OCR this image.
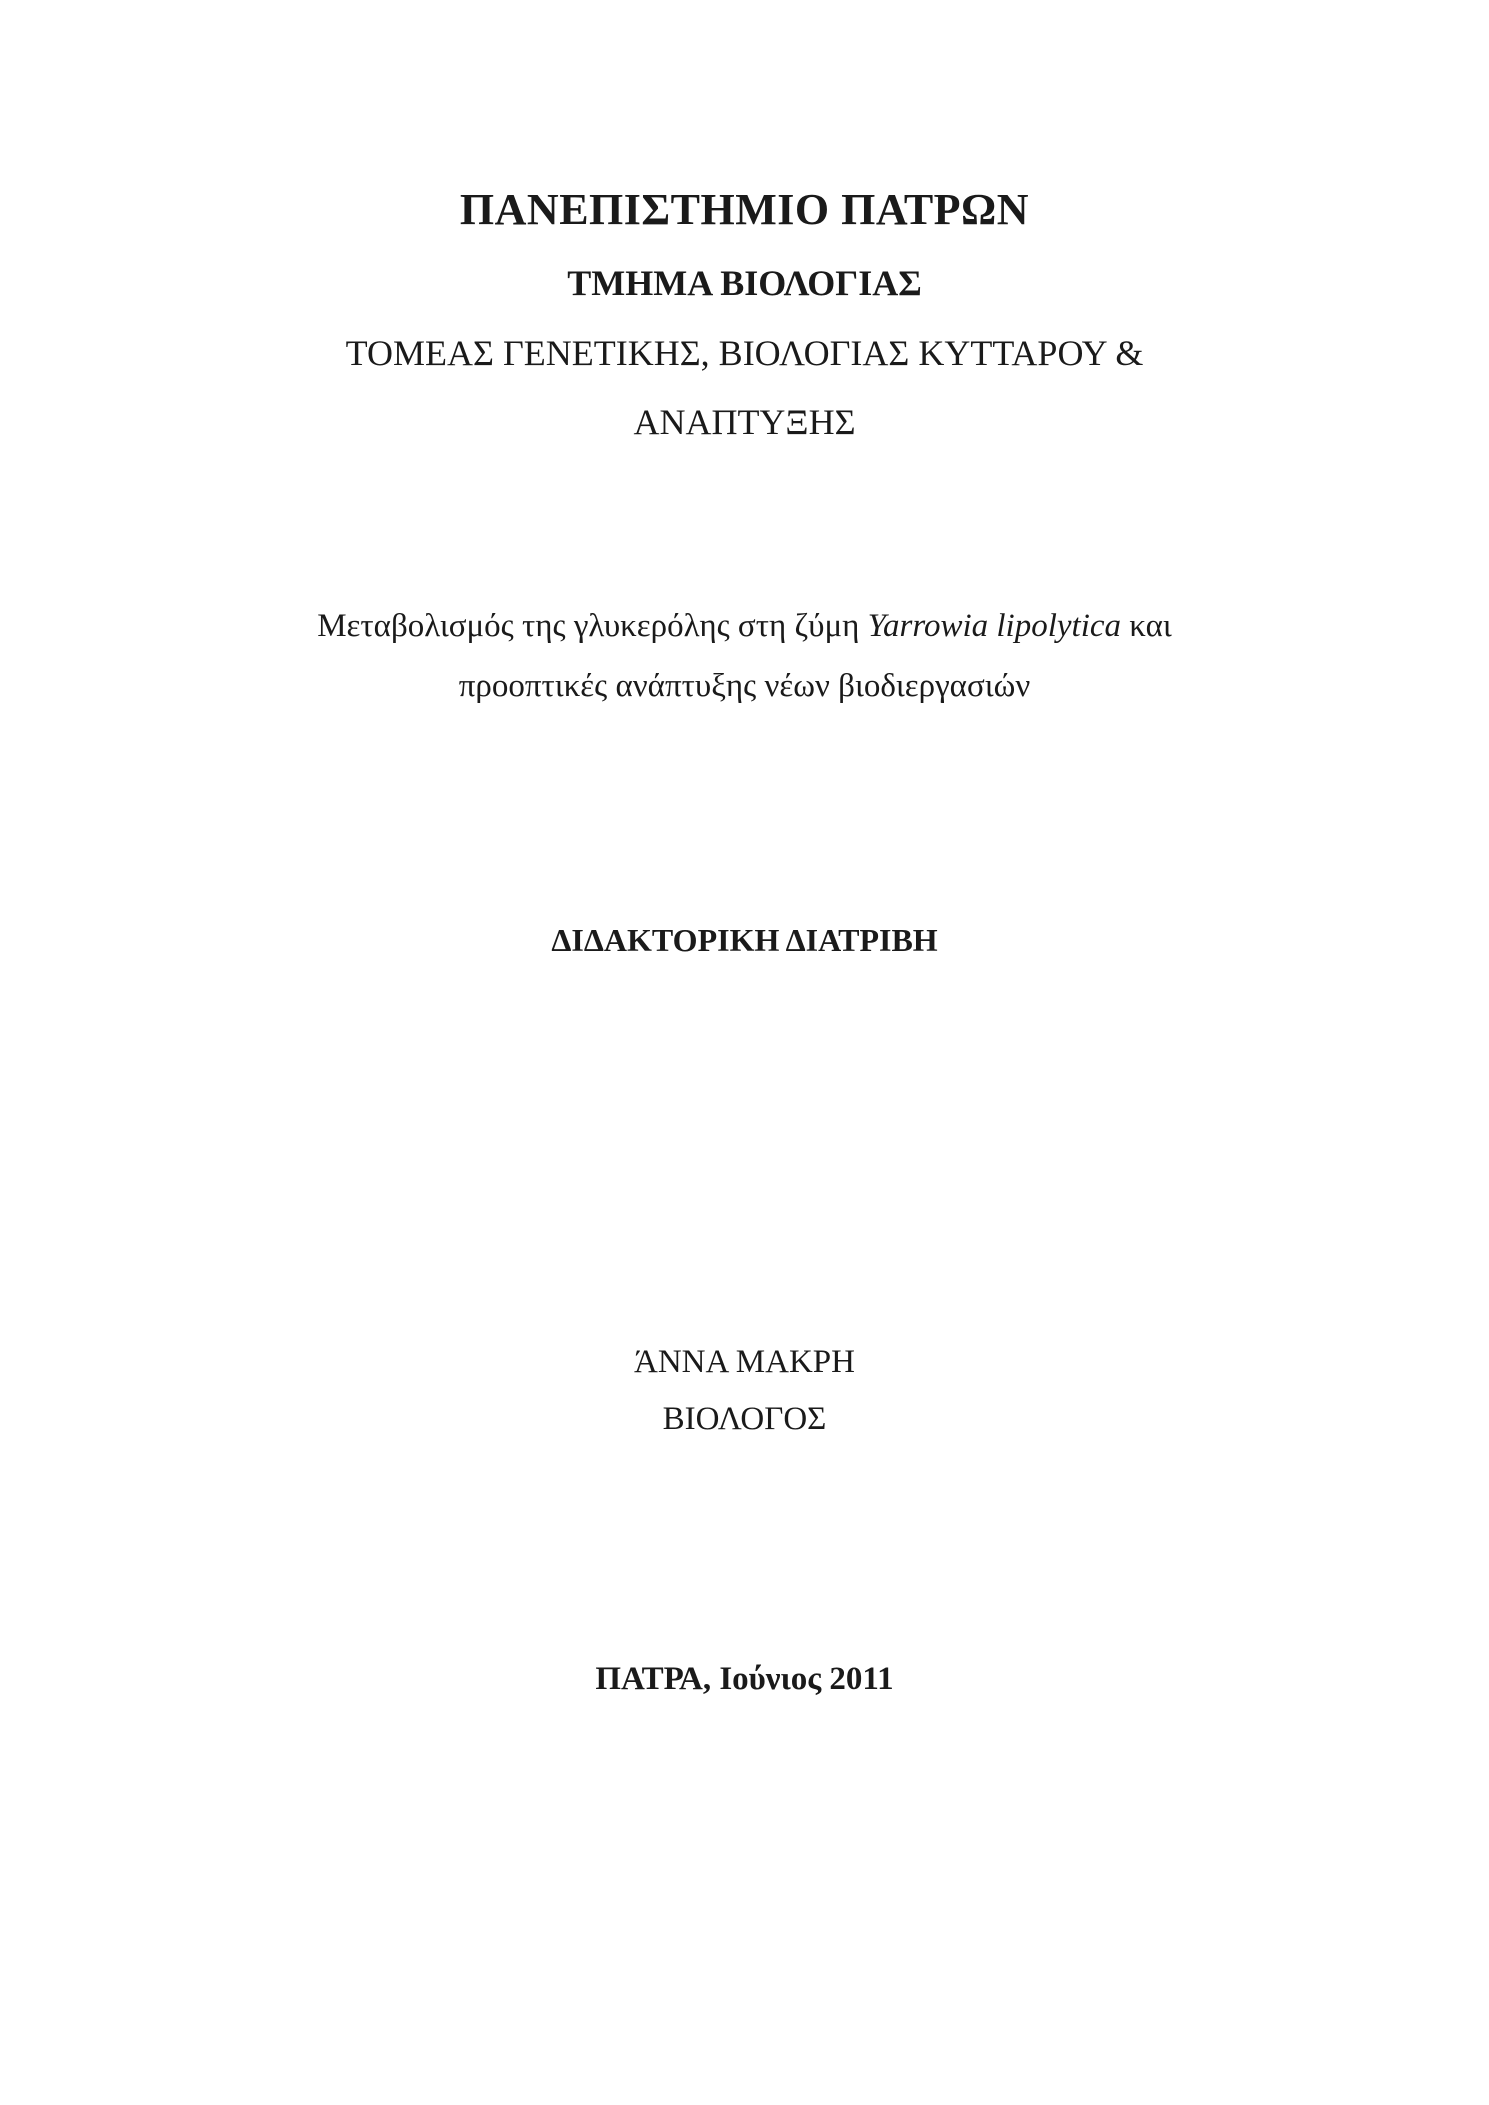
ΠΑΝΕΠΙΣΤΗΜΙΟ ΠΑΤΡΩΝ
ΤΜΗΜΑ ΒΙΟΛΟΓΙΑΣ
ΤΟΜΕΑΣ ΓΕΝΕΤΙΚΗΣ, ΒΙΟΛΟΓΙΑΣ ΚΥΤΤΑΡΟΥ &
ΑΝΑΠΤΥΞΗΣ
Μεταβολισμός της γλυκερόλης στη ζύμη Yarrowia lipolytica και
προοπτικές ανάπτυξης νέων βιοδιεργασιών
ΔΙΔΑΚΤΟΡΙΚΗ ΔΙΑΤΡΙΒΗ
ΆΝΝΑ ΜΑΚΡΗ
ΒΙΟΛΟΓΟΣ
ΠΑΤΡΑ, Ιούνιος 2011
